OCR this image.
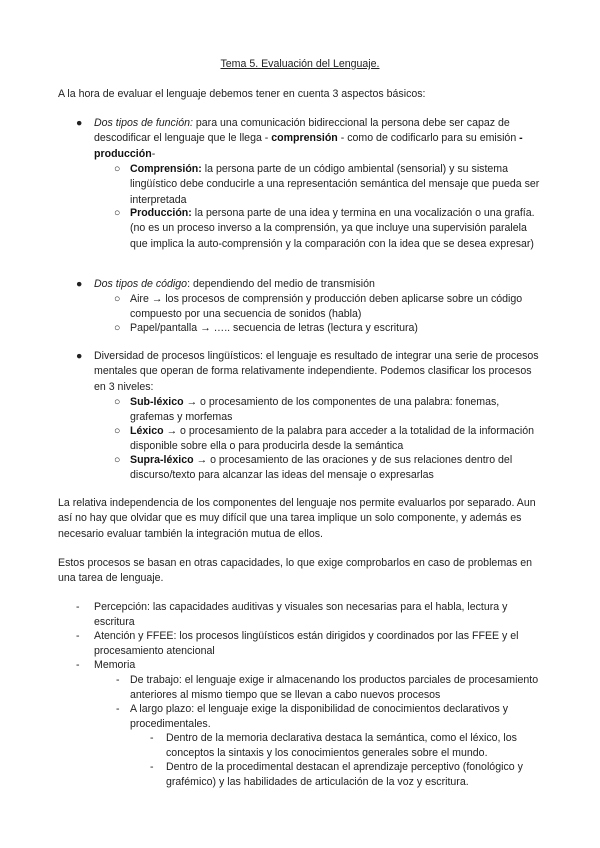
Tema 5. Evaluación del Lenguaje.
A la hora de evaluar el lenguaje debemos tener en cuenta 3 aspectos básicos:
● Dos tipos de función: para una comunicación bidireccional la persona debe ser capaz de descodificar el lenguaje que le llega - comprensión - como de codificarlo para su emisión -producción-
○ Comprensión: la persona parte de un código ambiental (sensorial) y su sistema lingüístico debe conducirle a una representación semántica del mensaje que pueda ser interpretada
○ Producción: la persona parte de una idea y termina en una vocalización o una grafía. (no es un proceso inverso a la comprensión, ya que incluye una supervisión paralela que implica la auto-comprensión y la comparación con la idea que se desea expresar)
● Dos tipos de código: dependiendo del medio de transmisión
○ Aire → los procesos de comprensión y producción deben aplicarse sobre un código compuesto por una secuencia de sonidos (habla)
○ Papel/pantalla → ….. secuencia de letras (lectura y escritura)
● Diversidad de procesos lingüísticos: el lenguaje es resultado de integrar una serie de procesos mentales que operan de forma relativamente independiente. Podemos clasificar los procesos en 3 niveles:
○ Sub-léxico → o procesamiento de los componentes de una palabra: fonemas, grafemas y morfemas
○ Léxico → o procesamiento de la palabra para acceder a la totalidad de la información disponible sobre ella o para producirla desde la semántica
○ Supra-léxico → o procesamiento de las oraciones y de sus relaciones dentro del discurso/texto para alcanzar las ideas del mensaje o expresarlas
La relativa independencia de los componentes del lenguaje nos permite evaluarlos por separado. Aun así no hay que olvidar que es muy difícil que una tarea implique un solo componente, y además es necesario evaluar también la integración mutua de ellos.
Estos procesos se basan en otras capacidades, lo que exige comprobarlos en caso de problemas en una tarea de lenguaje.
- Percepción: las capacidades auditivas y visuales son necesarias para el habla, lectura y escritura
- Atención y FFEE: los procesos lingüísticos están dirigidos y coordinados por las FFEE y el procesamiento atencional
- Memoria
- De trabajo: el lenguaje exige ir almacenando los productos parciales de procesamiento anteriores al mismo tiempo que se llevan a cabo nuevos procesos
- A largo plazo: el lenguaje exige la disponibilidad de conocimientos declarativos y procedimentales.
- Dentro de la memoria declarativa destaca la semántica, como el léxico, los conceptos la sintaxis y los conocimientos generales sobre el mundo.
- Dentro de la procedimental destacan el aprendizaje perceptivo (fonológico y grafémico) y las habilidades de articulación de la voz y escritura.
